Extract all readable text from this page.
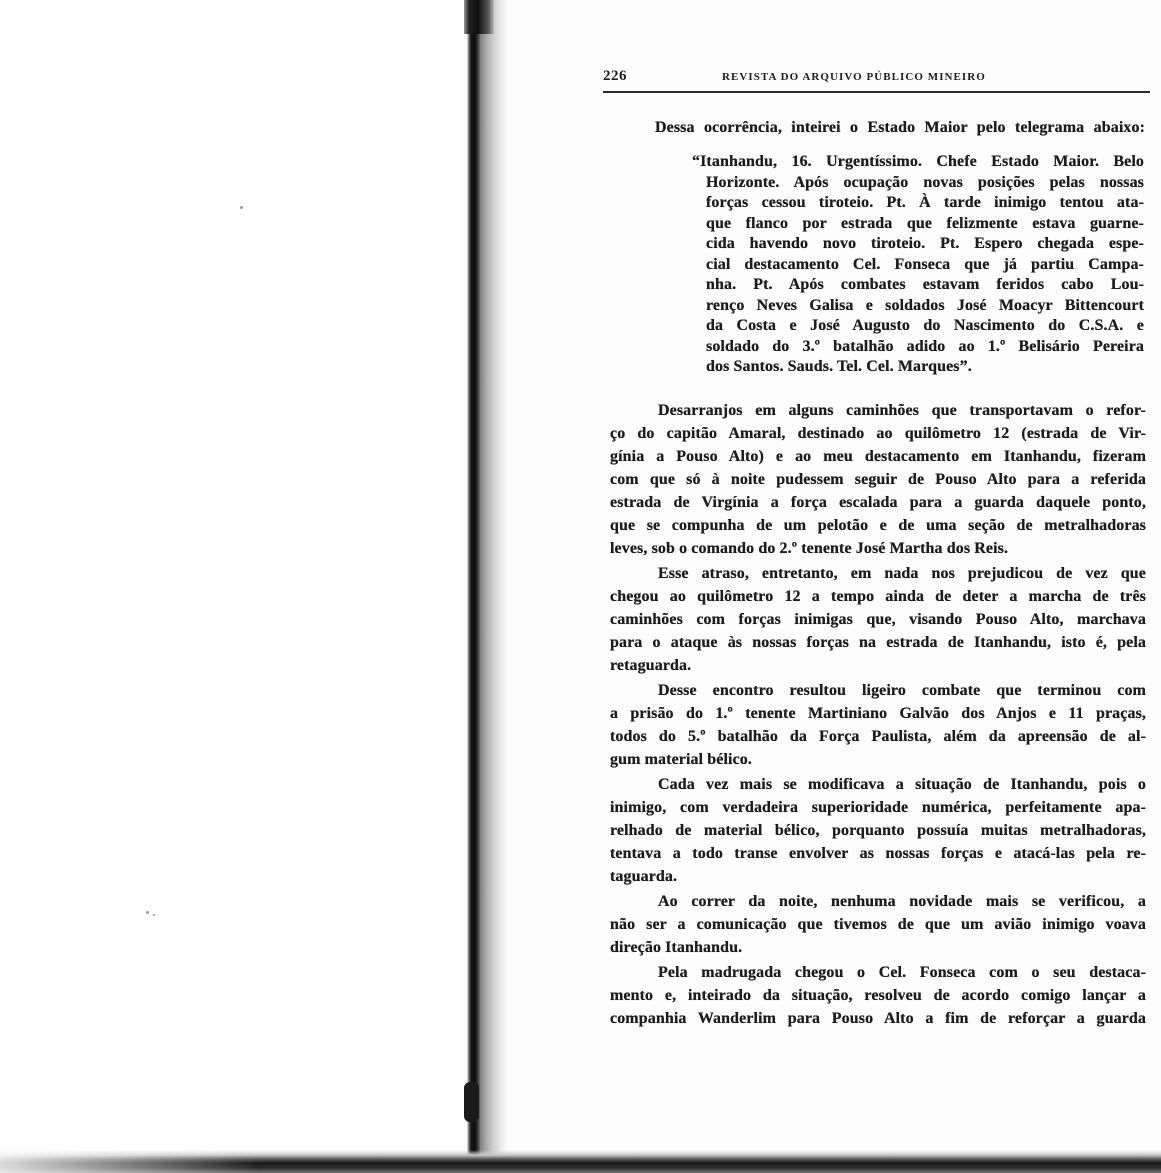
226	REVISTA DO ARQUIVO PÚBLICO MINEIRO
Dessa ocorrência, inteirei o Estado Maior pelo telegrama abaixo:
“Itanhandu, 16. Urgentíssimo. Chefe Estado Maior. Belo
Horizonte. Após ocupação novas posições pelas nossas
forças cessou tiroteio. Pt. À tarde inimigo tentou ata-
que flanco por estrada que felizmente estava guarne-
cida havendo novo tiroteio. Pt. Espero chegada espe-
cial destacamento Cel. Fonseca que já partiu Campa-
nha. Pt. Após combates estavam feridos cabo Lou-
renço Neves Galisa e soldados José Moacyr Bittencourt
da Costa e José Augusto do Nascimento do C.S.A. e
soldado do 3.º batalhão adido ao 1.º Belisário Pereira
dos Santos. Sauds. Tel. Cel. Marques”.
Desarranjos em alguns caminhões que transportavam o refor-
ço do capitão Amaral, destinado ao quilômetro 12 (estrada de Vir-
gínia a Pouso Alto) e ao meu destacamento em Itanhandu, fizeram
com que só à noite pudessem seguir de Pouso Alto para a referida
estrada de Virgínia a força escalada para a guarda daquele ponto,
que se compunha de um pelotão e de uma seção de metralhadoras
leves, sob o comando do 2.º tenente José Martha dos Reis.
Esse atraso, entretanto, em nada nos prejudicou de vez que
chegou ao quilômetro 12 a tempo ainda de deter a marcha de três
caminhões com forças inimigas que, visando Pouso Alto, marchava
para o ataque às nossas forças na estrada de Itanhandu, isto é, pela
retaguarda.
Desse encontro resultou ligeiro combate que terminou com
a prisão do 1.º tenente Martiniano Galvão dos Anjos e 11 praças,
todos do 5.º batalhão da Força Paulista, além da apreensão de al-
gum material bélico.
Cada vez mais se modificava a situação de Itanhandu, pois o
inimigo, com verdadeira superioridade numérica, perfeitamente apa-
relhado de material bélico, porquanto possuía muitas metralhadoras,
tentava a todo transe envolver as nossas forças e atacá-las pela re-
taguarda.
Ao correr da noite, nenhuma novidade mais se verificou, a
não ser a comunicação que tivemos de que um avião inimigo voava
direção Itanhandu.
Pela madrugada chegou o Cel. Fonseca com o seu destaca-
mento e, inteirado da situação, resolveu de acordo comigo lançar a
companhia Wanderlim para Pouso Alto a fim de reforçar a guarda
